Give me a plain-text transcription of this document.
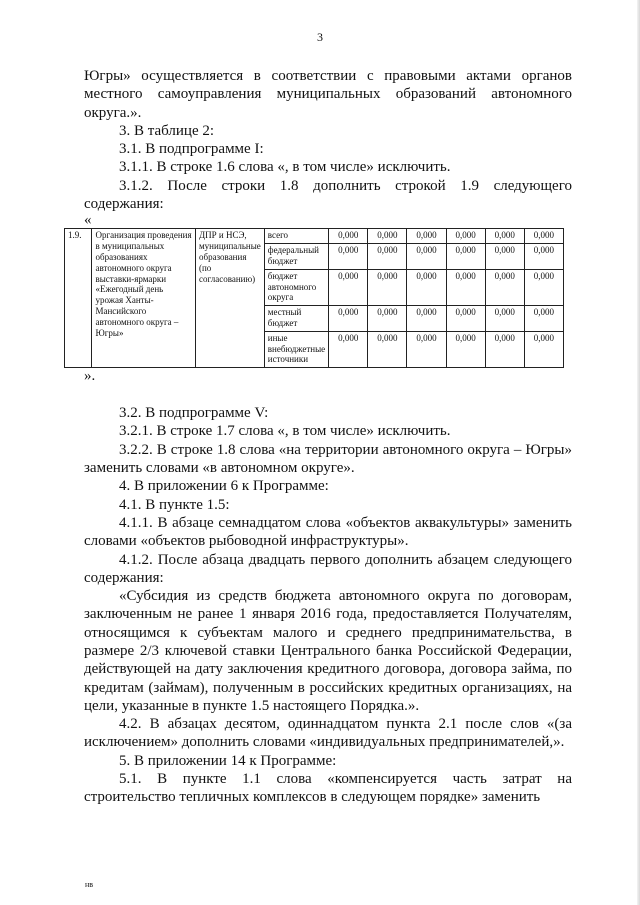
3

Югры» осуществляется в соответствии с правовыми актами органов местного самоуправления муниципальных образований автономного округа.».

3. В таблице 2:

3.1. В подпрограмме I:

3.1.1. В строке 1.6 слова «, в том числе» исключить.

3.1.2. После строки 1.8 дополнить строкой 1.9 следующего содержания:

«

1.9.	Организация проведения в муниципальных образованиях автономного округа выставки-ярмарки «Ежегодный день урожая Ханты-Мансийского автономного округа – Югры»	ДПР и НСЭ, муниципальные образования (по согласованию)	всего	0,000	0,000	0,000	0,000	0,000	0,000
			федеральный бюджет	0,000	0,000	0,000	0,000	0,000	0,000
			бюджет автономного округа	0,000	0,000	0,000	0,000	0,000	0,000
			местный бюджет	0,000	0,000	0,000	0,000	0,000	0,000
			иные внебюджетные источники	0,000	0,000	0,000	0,000	0,000	0,000

».

3.2. В подпрограмме V:

3.2.1. В строке 1.7 слова «, в том числе» исключить.

3.2.2. В строке 1.8 слова «на территории автономного округа – Югры» заменить словами «в автономном округе».

4. В приложении 6 к Программе:

4.1. В пункте 1.5:

4.1.1. В абзаце семнадцатом слова «объектов аквакультуры» заменить словами «объектов рыбоводной инфраструктуры».

4.1.2. После абзаца двадцать первого дополнить абзацем следующего содержания:

«Субсидия из средств бюджета автономного округа по договорам, заключенным не ранее 1 января 2016 года, предоставляется Получателям, относящимся к субъектам малого и среднего предпринимательства, в размере 2/3 ключевой ставки Центрального банка Российской Федерации, действующей на дату заключения кредитного договора, договора займа, по кредитам (займам), полученным в российских кредитных организациях, на цели, указанные в пункте 1.5 настоящего Порядка.».

4.2. В абзацах десятом, одиннадцатом пункта 2.1 после слов «(за исключением» дополнить словами «индивидуальных предпринимателей,».

5. В приложении 14 к Программе:

5.1. В пункте 1.1 слова «компенсируется часть затрат на строительство тепличных комплексов в следующем порядке» заменить

нв
